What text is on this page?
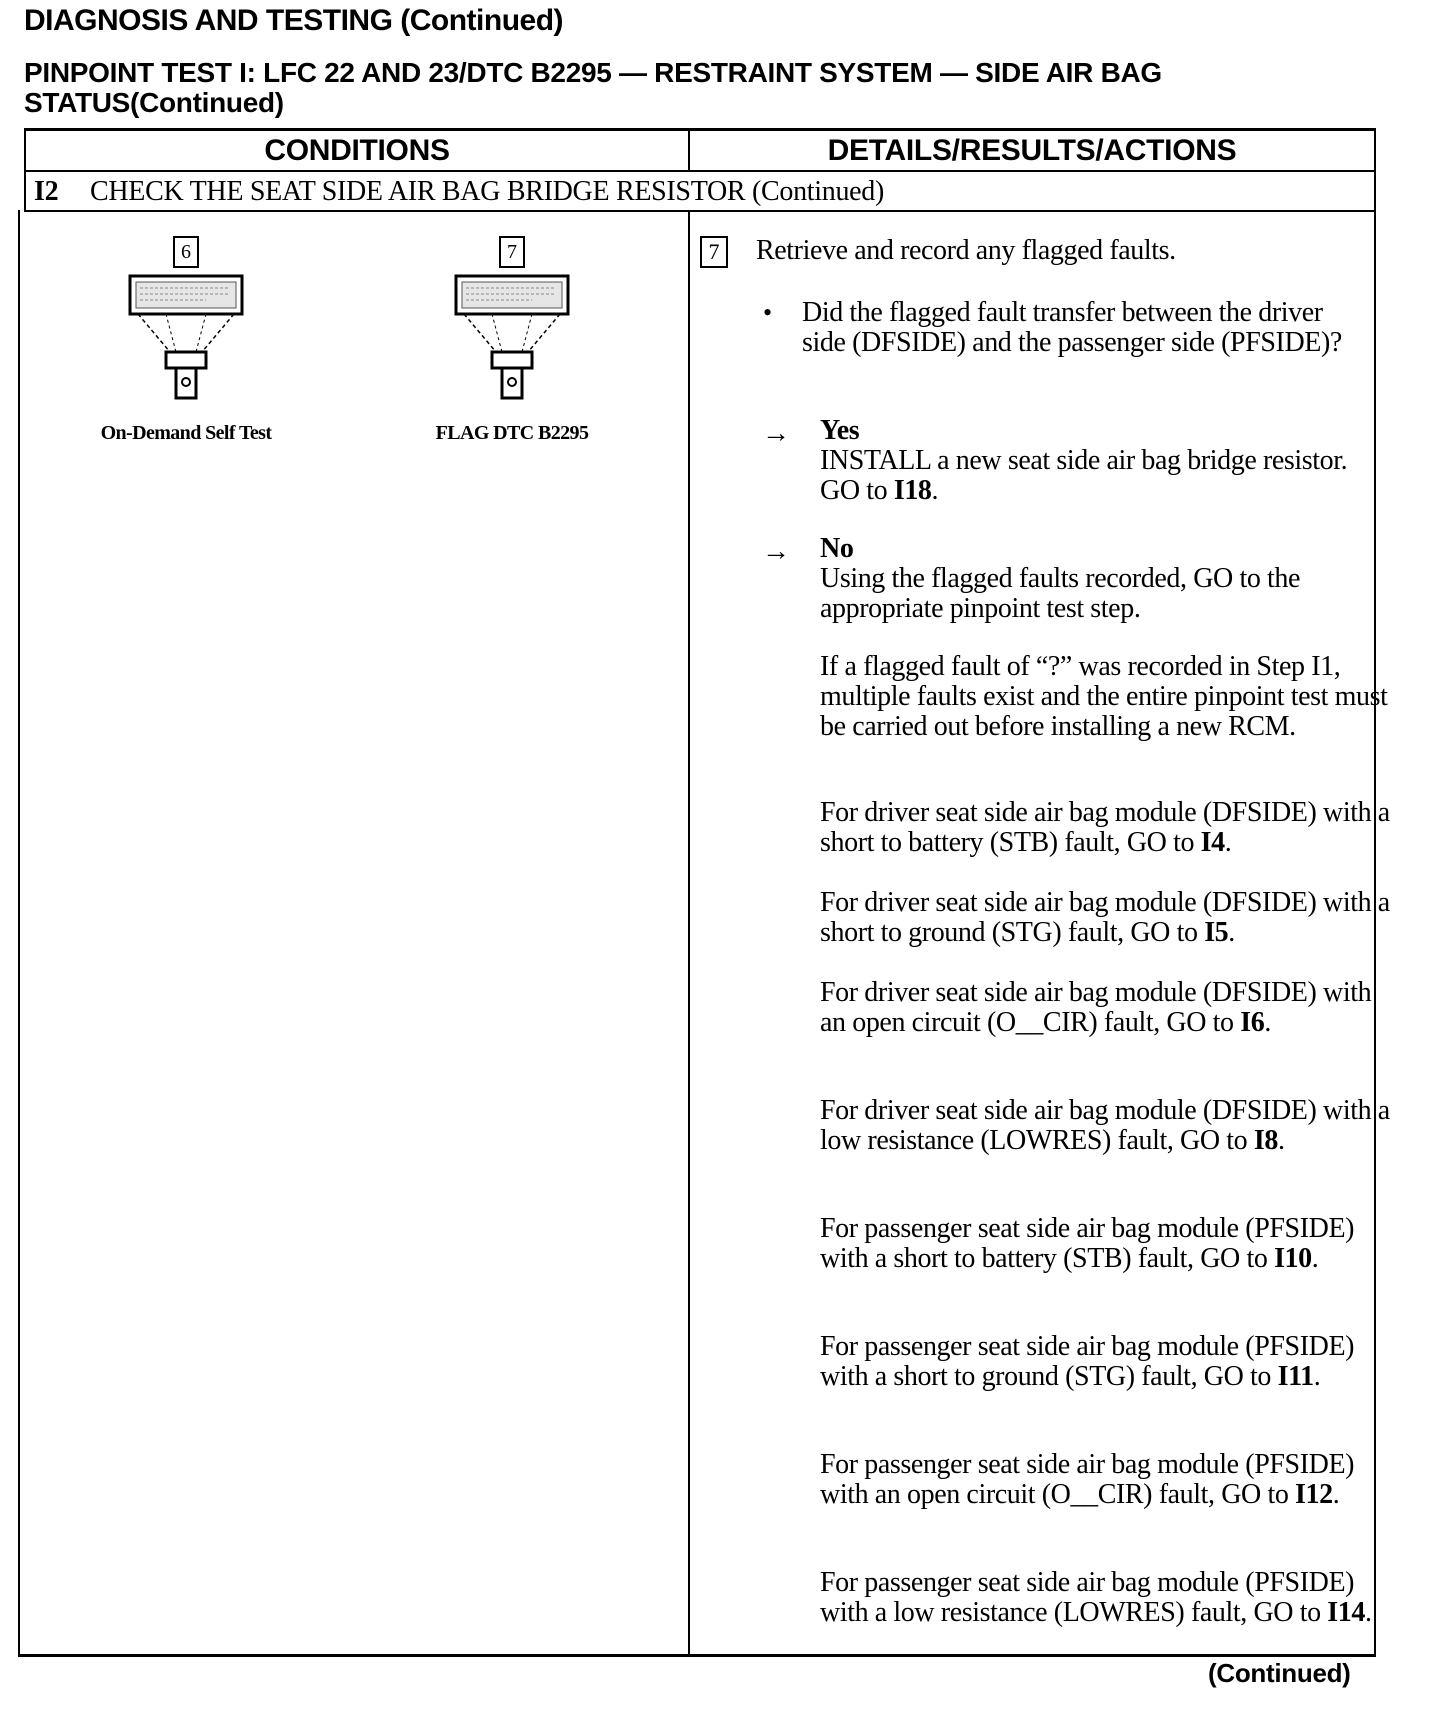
DIAGNOSIS AND TESTING (Continued)
PINPOINT TEST I: LFC 22 AND 23/DTC B2295 — RESTRAINT SYSTEM — SIDE AIR BAG STATUS(Continued)
CONDITIONS	DETAILS/RESULTS/ACTIONS
I2 CHECK THE SEAT SIDE AIR BAG BRIDGE RESISTOR (Continued)
6
On-Demand Self Test
7
FLAG DTC B2295
7	Retrieve and record any flagged faults.
• Did the flagged fault transfer between the driver side (DFSIDE) and the passenger side (PFSIDE)?
→ Yes
INSTALL a new seat side air bag bridge resistor. GO to I18.
→ No
Using the flagged faults recorded, GO to the appropriate pinpoint test step.
If a flagged fault of “?” was recorded in Step I1, multiple faults exist and the entire pinpoint test must be carried out before installing a new RCM.
For driver seat side air bag module (DFSIDE) with a short to battery (STB) fault, GO to I4.
For driver seat side air bag module (DFSIDE) with a short to ground (STG) fault, GO to I5.
For driver seat side air bag module (DFSIDE) with an open circuit (O__CIR) fault, GO to I6.
For driver seat side air bag module (DFSIDE) with a low resistance (LOWRES) fault, GO to I8.
For passenger seat side air bag module (PFSIDE) with a short to battery (STB) fault, GO to I10.
For passenger seat side air bag module (PFSIDE) with a short to ground (STG) fault, GO to I11.
For passenger seat side air bag module (PFSIDE) with an open circuit (O__CIR) fault, GO to I12.
For passenger seat side air bag module (PFSIDE) with a low resistance (LOWRES) fault, GO to I14.
(Continued)
